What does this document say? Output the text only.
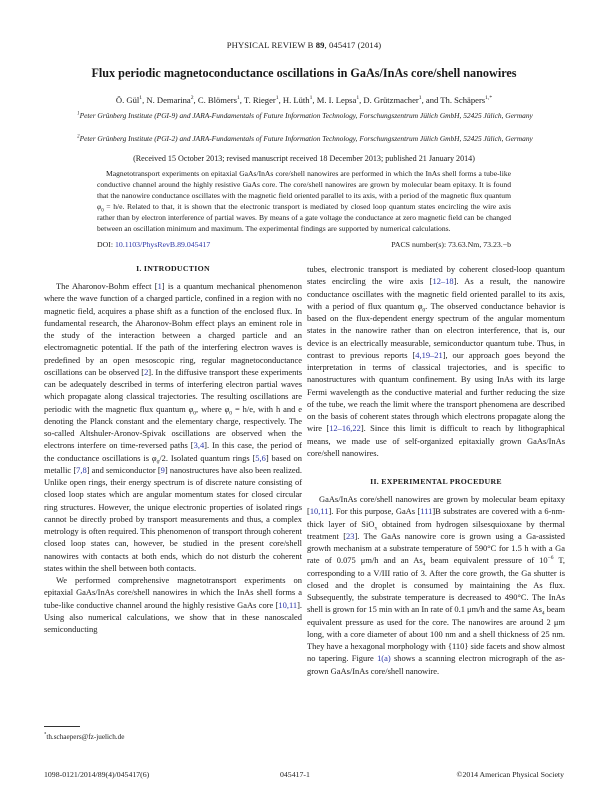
PHYSICAL REVIEW B 89, 045417 (2014)
Flux periodic magnetoconductance oscillations in GaAs/InAs core/shell nanowires
Ö. Gül$^1$, N. Demarina$^2$, C. Blömers$^1$, T. Rieger$^1$, H. Lüth$^1$, M. I. Lepsa$^1$, D. Grützmacher$^1$, and Th. Schäpers$^{1,*}$
$^1$Peter Grünberg Institute (PGI-9) and JARA-Fundamentals of Future Information Technology, Forschungszentrum Jülich GmbH, 52425 Jülich, Germany
$^2$Peter Grünberg Institute (PGI-2) and JARA-Fundamentals of Future Information Technology, Forschungszentrum Jülich GmbH, 52425 Jülich, Germany
(Received 15 October 2013; revised manuscript received 18 December 2013; published 21 January 2014)
Magnetotransport experiments on epitaxial GaAs/InAs core/shell nanowires are performed in which the InAs shell forms a tube-like conductive channel around the highly resistive GaAs core. The core/shell nanowires are grown by molecular beam epitaxy. It is found that the nanowire conductance oscillates with the magnetic field oriented parallel to its axis, with a period of the magnetic flux quantum $\varphi_0 = h/e$. Related to that, it is shown that the electronic transport is mediated by closed loop quantum states encircling the wire axis rather than by electron interference of partial waves. By means of a gate voltage the conductance at zero magnetic field can be changed between an oscillation minimum and maximum. The experimental findings are supported by numerical calculations.
DOI: 10.1103/PhysRevB.89.045417	PACS number(s): 73.63.Nm, 73.23.−b
I. INTRODUCTION

The Aharonov-Bohm effect [1] is a quantum mechanical phenomenon where the wave function of a charged particle, confined in a region with no magnetic field, acquires a phase shift as a function of the enclosed flux. In fundamental research, the Aharonov-Bohm effect plays an eminent role in the study of the interaction between a charged particle and an electromagnetic potential. If the path of the interfering electron waves is predefined by an open mesoscopic ring, regular magnetoconductance oscillations can be observed [2]. In the diffusive transport these experiments can be adequately described in terms of interfering electron partial waves which propagate along classical trajectories. The resulting oscillations are periodic with the magnetic flux quantum $\varphi_0$, where $\varphi_0 = h/e$, with h and e denoting the Planck constant and the elementary charge, respectively. The so-called Altshuler-Aronov-Spivak oscillations are observed when the electrons interfere on time-reversed paths [3,4]. In this case, the period of the conductance oscillations is $\varphi_0/2$. Isolated quantum rings [5,6] based on metallic [7,8] and semiconductor [9] nanostructures have also been realized. Unlike open rings, their energy spectrum is of discrete nature consisting of closed loop states which are angular momentum states for closed circular ring structures. However, the unique electronic properties of isolated rings cannot be directly probed by transport measurements and thus, a complex metrology is often required. This phenomenon of transport through coherent closed loop states can, however, be studied in the present core/shell nanowires with contacts at both ends, which do not disturb the coherent states within the shell between both contacts.

We performed comprehensive magnetotransport experiments on epitaxial GaAs/InAs core/shell nanowires in which the InAs shell forms a tube-like conductive channel around the highly resistive GaAs core [10,11]. Using also numerical calculations, we show that in these nanoscaled semiconducting

tubes, electronic transport is mediated by coherent closed-loop quantum states encircling the wire axis [12–18]. As a result, the nanowire conductance oscillates with the magnetic field oriented parallel to its axis, with a period of flux quantum $\varphi_0$. The observed conductance behavior is based on the flux-dependent energy spectrum of the angular momentum states in the nanowire rather than on electron interference, that is, our device is an electrically measurable, semiconductor quantum tube. Thus, in contrast to previous reports [4,19–21], our approach goes beyond the interpretation in terms of classical trajectories, and is specific to nanostructures with quantum confinement. By using InAs with its large Fermi wavelength as the conductive material and further reducing the size of the tube, we reach the limit where the transport phenomena are described on the basis of coherent states through which electrons propagate along the wire [12–16,22]. Since this limit is difficult to reach by lithographical means, we made use of self-organized epitaxially grown GaAs/InAs core/shell nanowires.

II. EXPERIMENTAL PROCEDURE

GaAs/InAs core/shell nanowires are grown by molecular beam epitaxy [10,11]. For this purpose, GaAs [111]B substrates are covered with a 6-nm-thick layer of SiO$_x$ obtained from hydrogen silsesquioxane by thermal treatment [23]. The GaAs nanowire core is grown using a Ga-assisted growth mechanism at a substrate temperature of 590°C for 1.5 h with a Ga rate of 0.075 μm/h and an $As_4$ beam equivalent pressure of $10^{-6}$ T, corresponding to a V/III ratio of 3. After the core growth, the Ga shutter is closed and the droplet is consumed by maintaining the As flux. Subsequently, the substrate temperature is decreased to 490°C. The InAs shell is grown for 15 min with an In rate of 0.1 μm/h and the same $As_4$ beam equivalent pressure as used for the core. The nanowires are around 2 μm long, with a core diameter of about 100 nm and a shell thickness of 25 nm. They have a hexagonal morphology with {110} side facets and show almost no tapering. Figure 1(a) shows a scanning electron micrograph of the as-grown GaAs/InAs core/shell nanowire.

*th.schaepers@fz-juelich.de
1098-0121/2014/89(4)/045417(6)	045417-1	©2014 American Physical Society
